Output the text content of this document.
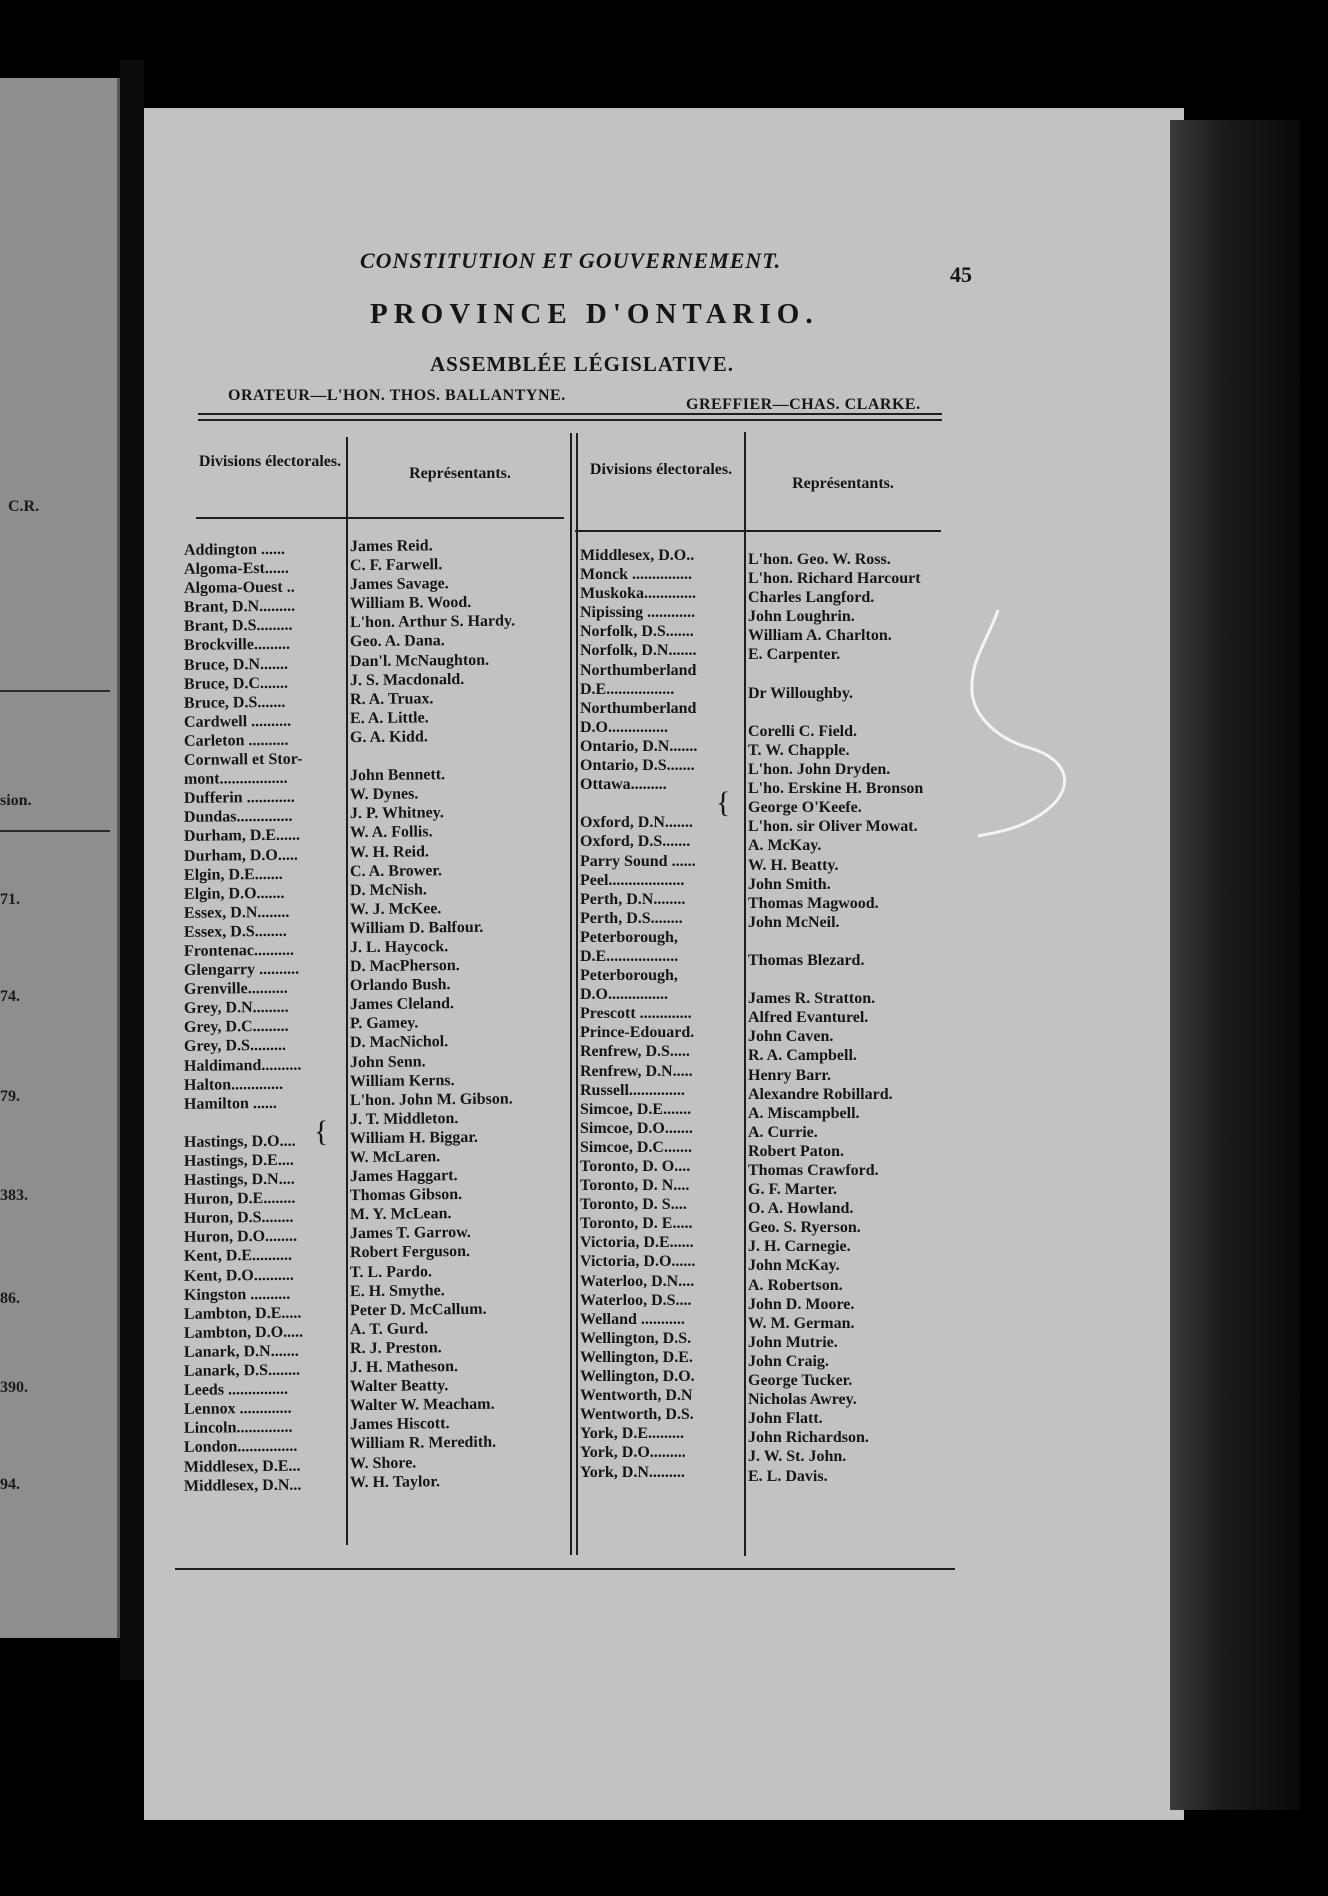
C.R.
sion.
71.
74.
79.
383.
86.
390.
94.
CONSTITUTION ET GOUVERNEMENT.
45
PROVINCE D'ONTARIO.
ASSEMBLÉE LÉGISLATIVE.
ORATEUR—L'HON. THOS. BALLANTYNE.
GREFFIER—CHAS. CLARKE.
Divisions électorales.
Représentants.	Divisions électorales.
Représentants.
Addington ......
Algoma-Est......
Algoma-Ouest ..
Brant, D.N.........
Brant, D.S.........
Brockville.........
Bruce, D.N.......
Bruce, D.C.......
Bruce, D.S.......
Cardwell ..........
Carleton ..........
Cornwall et Stor-
mont.................
Dufferin ............
Dundas..............
Durham, D.E......
Durham, D.O.....
Elgin, D.E.......
Elgin, D.O.......
Essex, D.N........
Essex, D.S........
Frontenac..........
Glengarry ..........
Grenville..........
Grey, D.N.........
Grey, D.C.........
Grey, D.S.........
Haldimand..........
Halton.............
Hamilton ......
Hastings, D.O....
Hastings, D.E....
Hastings, D.N....
Huron, D.E........
Huron, D.S........
Huron, D.O........
Kent, D.E..........
Kent, D.O..........
Kingston ..........
Lambton, D.E.....
Lambton, D.O.....
Lanark, D.N.......
Lanark, D.S........
Leeds ...............
Lennox .............
Lincoln..............
London...............
Middlesex, D.E...
Middlesex, D.N...
James Reid.
C. F. Farwell.
James Savage.
William B. Wood.
L'hon. Arthur S. Hardy.
Geo. A. Dana.
Dan'l. McNaughton.
J. S. Macdonald.
R. A. Truax.
E. A. Little.
G. A. Kidd.
John Bennett.
W. Dynes.
J. P. Whitney.
W. A. Follis.
W. H. Reid.
C. A. Brower.
D. McNish.
W. J. McKee.
William D. Balfour.
J. L. Haycock.
D. MacPherson.
Orlando Bush.
James Cleland.
P. Gamey.
D. MacNichol.
John Senn.
William Kerns.
L'hon. John M. Gibson.
J. T. Middleton.
William H. Biggar.
W. McLaren.
James Haggart.
Thomas Gibson.
M. Y. McLean.
James T. Garrow.
Robert Ferguson.
T. L. Pardo.
E. H. Smythe.
Peter D. McCallum.
A. T. Gurd.
R. J. Preston.
J. H. Matheson.
Walter Beatty.
Walter W. Meacham.
James Hiscott.
William R. Meredith.
W. Shore.
W. H. Taylor.
Middlesex, D.O..
Monck ...............
Muskoka.............
Nipissing ............
Norfolk, D.S.......
Norfolk, D.N.......
Northumberland
D.E.................
Northumberland
D.O...............
Ontario, D.N.......
Ontario, D.S.......
Ottawa.........
Oxford, D.N.......
Oxford, D.S.......
Parry Sound ......
Peel...................
Perth, D.N........
Perth, D.S........
Peterborough,
D.E..................
Peterborough,
D.O...............
Prescott .............
Prince-Edouard.
Renfrew, D.S.....
Renfrew, D.N.....
Russell..............
Simcoe, D.E.......
Simcoe, D.O.......
Simcoe, D.C.......
Toronto, D. O....
Toronto, D. N....
Toronto, D. S....
Toronto, D. E.....
Victoria, D.E......
Victoria, D.O......
Waterloo, D.N....
Waterloo, D.S....
Welland ...........
Wellington, D.S.
Wellington, D.E.
Wellington, D.O.
Wentworth, D.N
Wentworth, D.S.
York, D.E.........
York, D.O.........
York, D.N.........
L'hon. Geo. W. Ross.
L'hon. Richard Harcourt
Charles Langford.
John Loughrin.
William A. Charlton.
E. Carpenter.
Dr Willoughby.
Corelli C. Field.
T. W. Chapple.
L'hon. John Dryden.
L'ho. Erskine H. Bronson
George O'Keefe.
L'hon. sir Oliver Mowat.
A. McKay.
W. H. Beatty.
John Smith.
Thomas Magwood.
John McNeil.
Thomas Blezard.
James R. Stratton.
Alfred Evanturel.
John Caven.
R. A. Campbell.
Henry Barr.
Alexandre Robillard.
A. Miscampbell.
A. Currie.
Robert Paton.
Thomas Crawford.
G. F. Marter.
O. A. Howland.
Geo. S. Ryerson.
J. H. Carnegie.
John McKay.
A. Robertson.
John D. Moore.
W. M. German.
John Mutrie.
John Craig.
George Tucker.
Nicholas Awrey.
John Flatt.
John Richardson.
J. W. St. John.
E. L. Davis.
{
{
